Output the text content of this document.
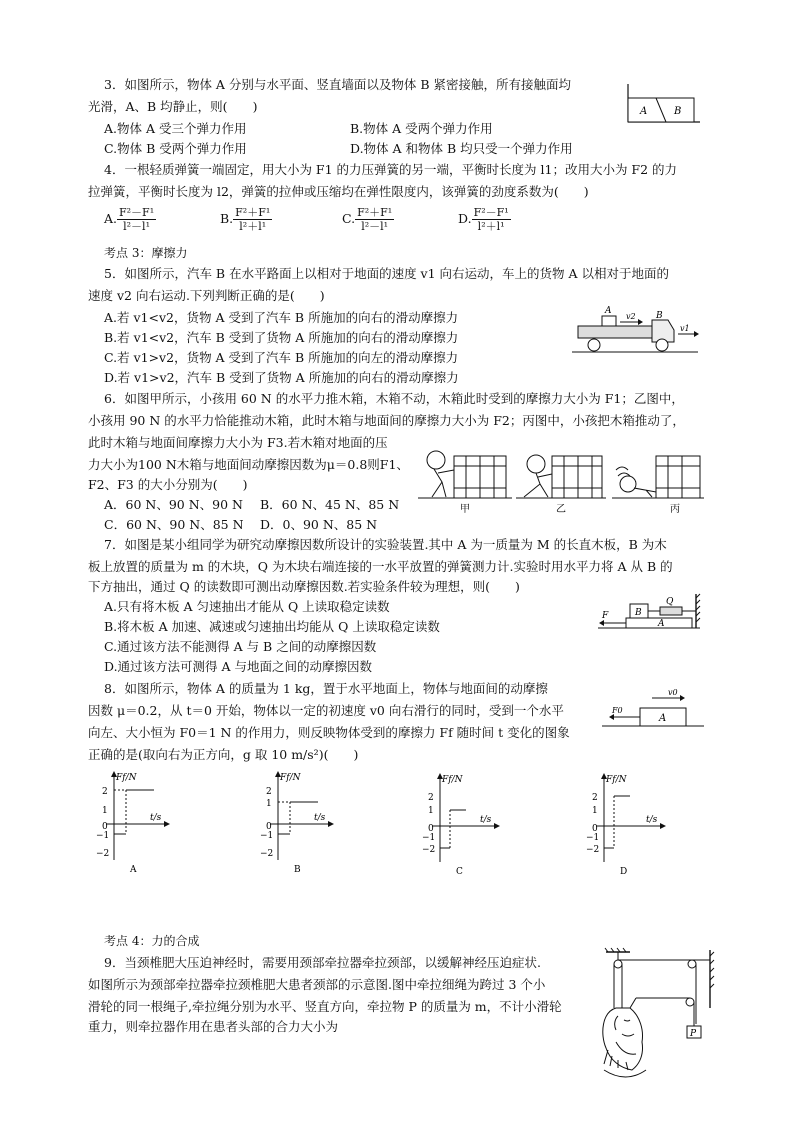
3．如图所示，物体 A 分别与水平面、竖直墙面以及物体 B 紧密接触，所有接触面均
光滑，A、B 均静止，则(　　)
A.物体 A 受三个弹力作用	B.物体 A 受两个弹力作用
C.物体 B 受两个弹力作用	D.物体 A 和物体 B 均只受一个弹力作用
A	B
4．一根轻质弹簧一端固定，用大小为 F1 的力压弹簧的另一端，平衡时长度为 l1；改用大小为 F2 的力
拉弹簧，平衡时长度为 l2，弹簧的拉伸或压缩均在弹性限度内，该弹簧的劲度系数为(　　)
A. $\frac{\text{F²－F¹}}{\text{l²－l¹}}$	B. $\frac{\text{F²＋F¹}}{\text{l²＋l¹}}$	C. $\frac{\text{F²＋F¹}}{\text{l²－l¹}}$	D. $\frac{\text{F²－F¹}}{\text{l²＋l¹}}$
考点 3：摩擦力
5．如图所示，汽车 B 在水平路面上以相对于地面的速度 v1 向右运动，车上的货物 A 以相对于地面的
速度 v2 向右运动.下列判断正确的是(　　)
A.若 v1<v2，货物 A 受到了汽车 B 所施加的向右的滑动摩擦力
B.若 v1<v2，汽车 B 受到了货物 A 所施加的向右的滑动摩擦力
C.若 v1>v2，货物 A 受到了汽车 B 所施加的向左的滑动摩擦力
D.若 v1>v2，汽车 B 受到了货物 A 所施加的向右的滑动摩擦力
A	B
v2
v1
6．如图甲所示，小孩用 60 N 的水平力推木箱，木箱不动，木箱此时受到的摩擦力大小为 F1；乙图中，
小孩用 90 N 的水平力恰能推动木箱，此时木箱与地面间的摩擦力大小为 F2；丙图中，小孩把木箱推动了，
此时木箱与地面间摩擦力大小为 F3.若木箱对地面的压
力大小为100 N木箱与地面间动摩擦因数为μ＝0.8则F1、
F2、F3 的大小分别为(　　)
A．60 N、90 N、90 N B．60 N、45 N、85 N
C．60 N、90 N、85 N D．0、90 N、85 N
甲	乙	丙
7．如图是某小组同学为研究动摩擦因数所设计的实验装置.其中 A 为一质量为 M 的长直木板，B 为木
板上放置的质量为 m 的木块，Q 为木块右端连接的一水平放置的弹簧测力计.实验时用水平力将 A 从 B 的
下方抽出，通过 Q 的读数即可测出动摩擦因数.若实验条件较为理想，则(　　)
A.只有将木板 A 匀速抽出才能从 Q 上读取稳定读数
B.将木板 A 加速、减速或匀速抽出均能从 Q 上读取稳定读数
C.通过该方法不能测得 A 与 B 之间的动摩擦因数
D.通过该方法可测得 A 与地面之间的动摩擦因数
A
B
Q
F
8．如图所示，物体 A 的质量为 1 kg，置于水平地面上，物体与地面间的动摩擦
因数 μ＝0.2，从 t＝0 开始，物体以一定的初速度 v0 向右滑行的同时，受到一个水平
向左、大小恒为 F0＝1 N 的作用力，则反映物体受到的摩擦力 Ff 随时间 t 变化的图象
正确的是(取向右为正方向，g 取 10 m/s²)(　　)
A
v0
F0
Ff/N
t/s
2
1
0
−1
−2
A
Ff/N
t/s
2
1
0
−1
−2
B
Ff/N
t/s
2
1
0
−1
−2
C
Ff/N
t/s
2
1
0
−1
−2
D
考点 4：力的合成
9．当颈椎肥大压迫神经时，需要用颈部牵拉器牵拉颈部，以缓解神经压迫症状.
如图所示为颈部牵拉器牵拉颈椎肥大患者颈部的示意图.图中牵拉细绳为跨过 3 个小
滑轮的同一根绳子,牵拉绳分别为水平、竖直方向，牵拉物 P 的质量为 m，不计小滑轮
重力，则牵拉器作用在患者头部的合力大小为	P
